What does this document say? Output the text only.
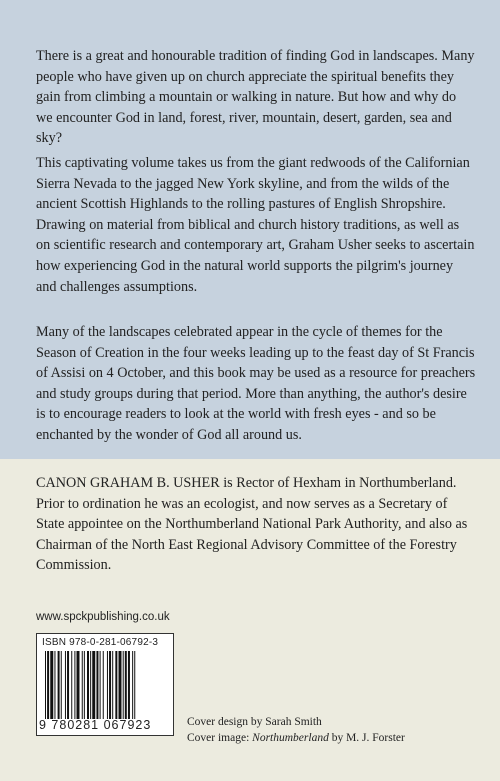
There is a great and honourable tradition of finding God in landscapes. Many people who have given up on church appreciate the spiritual benefits they gain from climbing a mountain or walking in nature. But how and why do we encounter God in land, forest, river, mountain, desert, garden, sea and sky?

This captivating volume takes us from the giant redwoods of the Californian Sierra Nevada to the jagged New York skyline, and from the wilds of the ancient Scottish Highlands to the rolling pastures of English Shropshire. Drawing on material from biblical and church history traditions, as well as on scientific research and contemporary art, Graham Usher seeks to ascertain how experiencing God in the natural world supports the pilgrim's journey and challenges assumptions.

Many of the landscapes celebrated appear in the cycle of themes for the Season of Creation in the four weeks leading up to the feast day of St Francis of Assisi on 4 October, and this book may be used as a resource for preachers and study groups during that period. More than anything, the author's desire is to encourage readers to look at the world with fresh eyes - and so be enchanted by the wonder of God all around us.

CANON GRAHAM B. USHER is Rector of Hexham in Northumberland. Prior to ordination he was an ecologist, and now serves as a Secretary of State appointee on the Northumberland National Park Authority, and also as Chairman of the North East Regional Advisory Committee of the Forestry Commission.

www.spckpublishing.co.uk
ISBN 978-0-281-06792-3
9 780281 067923	Cover design by Sarah Smith
Cover image: Northumberland by M. J. Forster
